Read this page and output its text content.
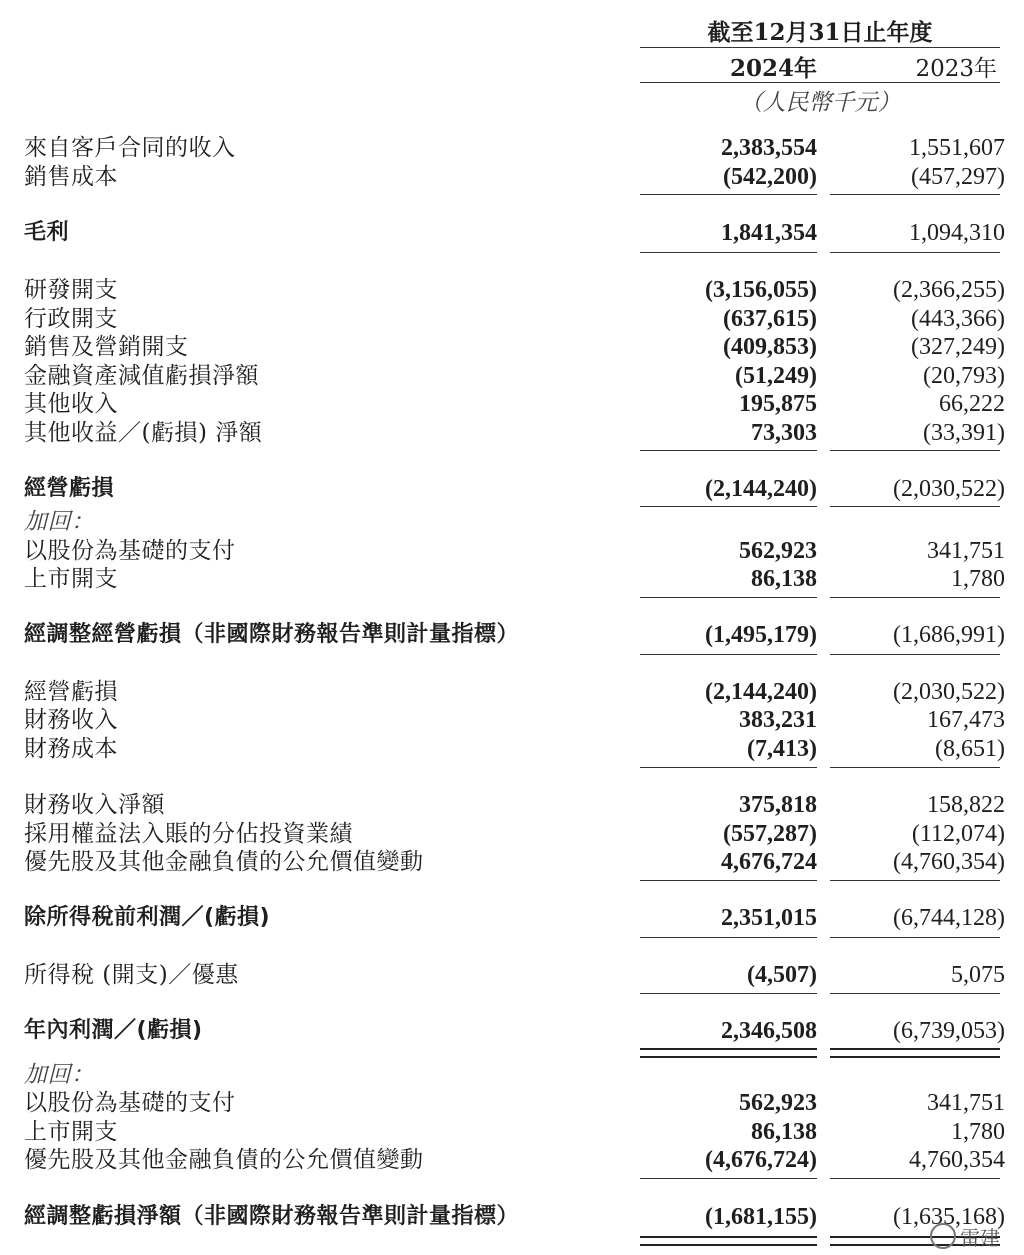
截至12月31日止年度
2024年	2023年
（人民幣千元）
來自客戶合同的收入	2,383,554	1,551,607
銷售成本	(542,200)	(457,297)
毛利	1,841,354	1,094,310
研發開支	(3,156,055)	(2,366,255)
行政開支	(637,615)	(443,366)
銷售及營銷開支	(409,853)	(327,249)
金融資產減值虧損淨額	(51,249)	(20,793)
其他收入	195,875	66,222
其他收益／(虧損) 淨額	73,303	(33,391)
經營虧損	(2,144,240)	(2,030,522)
加回：
以股份為基礎的支付	562,923	341,751
上市開支	86,138	1,780
經調整經營虧損（非國際財務報告準則計量指標）	(1,495,179)	(1,686,991)
經營虧損	(2,144,240)	(2,030,522)
財務收入	383,231	167,473
財務成本	(7,413)	(8,651)
財務收入淨額	375,818	158,822
採用權益法入賬的分佔投資業績	(557,287)	(112,074)
優先股及其他金融負債的公允價值變動	4,676,724	(4,760,354)
除所得稅前利潤／(虧損)	2,351,015	(6,744,128)
所得稅 (開支)／優惠	(4,507)	5,075
年內利潤／(虧損)	2,346,508	(6,739,053)
加回：
以股份為基礎的支付	562,923	341,751
上市開支	86,138	1,780
優先股及其他金融負債的公允價值變動	(4,676,724)	4,760,354
經調整虧損淨額（非國際財務報告準則計量指標）	(1,681,155)	(1,635,168)
雷建
